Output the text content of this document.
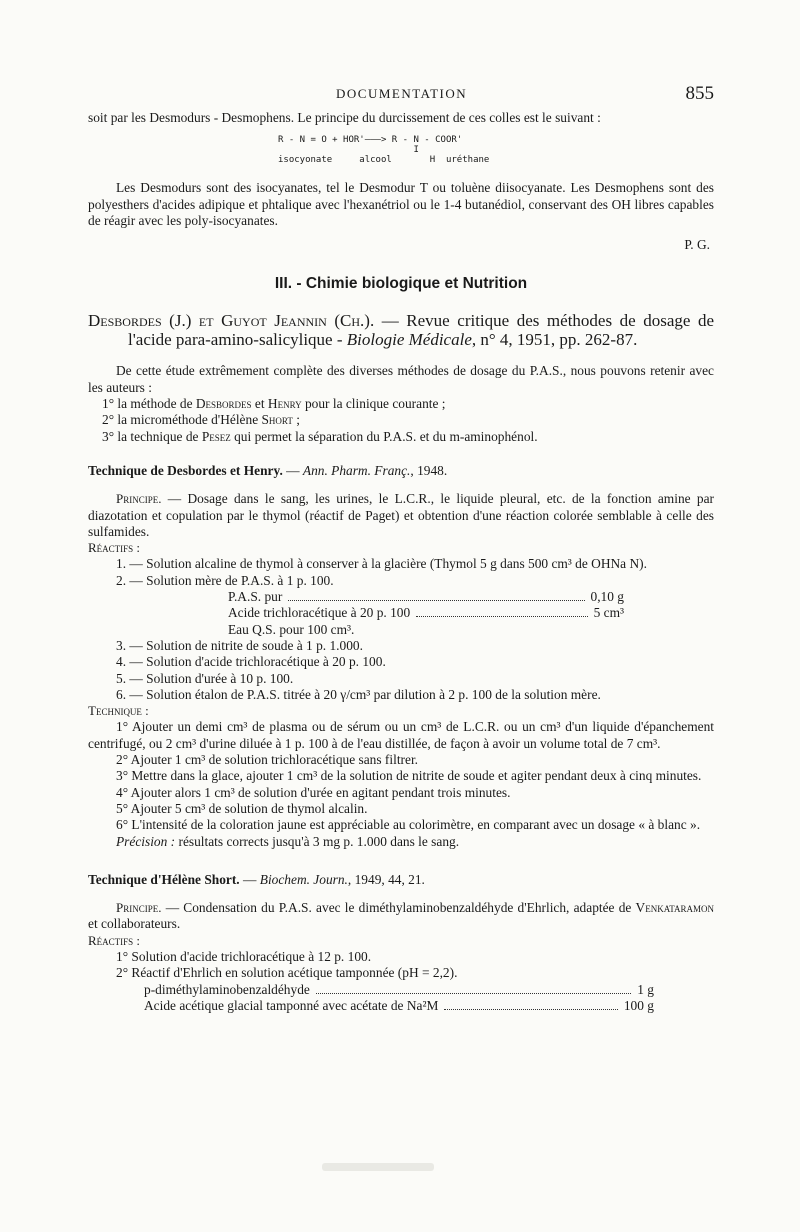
DOCUMENTATION	855

soit par les Desmodurs - Desmophens. Le principe du durcissement de ces colles est le suivant :

R - N = O + HOR'———> R - N - COOR'
I
isocyonate     alcool       H  uréthane

Les Desmodurs sont des isocyanates, tel le Desmodur T ou toluène diisocyanate. Les Desmophens sont des polyesthers d'acides adipique et phtalique avec l'hexanétriol ou le 1-4 butanédiol, conservant des OH libres capables de réagir avec les poly-isocyanates.

P. G.

III. - Chimie biologique et Nutrition

Desbordes (J.) et Guyot Jeannin (Ch.). — Revue critique des méthodes de dosage de l'acide para-amino-salicylique - Biologie Médicale, n° 4, 1951, pp. 262-87.

De cette étude extrêmement complète des diverses méthodes de dosage du P.A.S., nous pouvons retenir avec les auteurs :

1° la méthode de Desbordes et Henry pour la clinique courante ;

2° la microméthode d'Hélène Short ;

3° la technique de Pesez qui permet la séparation du P.A.S. et du m-aminophénol.

Technique de Desbordes et Henry. — Ann. Pharm. Franç., 1948.

Principe. — Dosage dans le sang, les urines, le L.C.R., le liquide pleural, etc. de la fonction amine par diazotation et copulation par le thymol (réactif de Paget) et obtention d'une réaction colorée semblable à celle des sulfamides.

Réactifs :

1. — Solution alcaline de thymol à conserver à la glacière (Thymol 5 g dans 500 cm³ de OHNa N).

2. — Solution mère de P.A.S. à 1 p. 100.

P.A.S. pur	0,10 g

Acide trichloracétique à 20 p. 100	5 cm³

Eau Q.S. pour 100 cm³.

3. — Solution de nitrite de soude à 1 p. 1.000.

4. — Solution d'acide trichloracétique à 20 p. 100.

5. — Solution d'urée à 10 p. 100.

6. — Solution étalon de P.A.S. titrée à 20 γ/cm³ par dilution à 2 p. 100 de la solution mère.

Technique :

1° Ajouter un demi cm³ de plasma ou de sérum ou un cm³ de L.C.R. ou un cm³ d'un liquide d'épanchement centrifugé, ou 2 cm³ d'urine diluée à 1 p. 100 à de l'eau distillée, de façon à avoir un volume total de 7 cm³.

2° Ajouter 1 cm³ de solution trichloracétique sans filtrer.

3° Mettre dans la glace, ajouter 1 cm³ de la solution de nitrite de soude et agiter pendant deux à cinq minutes.

4° Ajouter alors 1 cm³ de solution d'urée en agitant pendant trois minutes.

5° Ajouter 5 cm³ de solution de thymol alcalin.

6° L'intensité de la coloration jaune est appréciable au colorimètre, en comparant avec un dosage « à blanc ».

Précision : résultats corrects jusqu'à 3 mg p. 1.000 dans le sang.

Technique d'Hélène Short. — Biochem. Journ., 1949, 44, 21.

Principe. — Condensation du P.A.S. avec le diméthylaminobenzaldéhyde d'Ehrlich, adaptée de Venkataramon et collaborateurs.

Réactifs :

1° Solution d'acide trichloracétique à 12 p. 100.

2° Réactif d'Ehrlich en solution acétique tamponnée (pH = 2,2).

p-diméthylaminobenzaldéhyde	1 g

Acide acétique glacial tamponné avec acétate de Na²M	100 g
